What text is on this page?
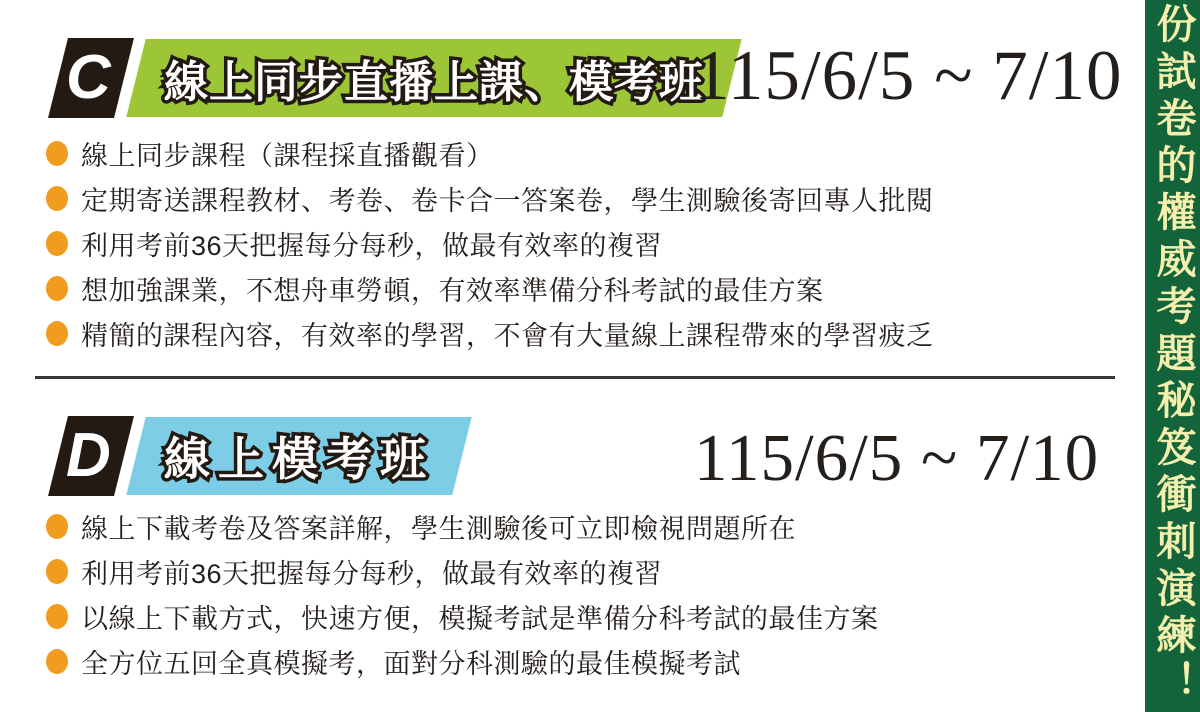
C 線上同步直播上課、模考班
115/6/5 ~ 7/10
線上同步課程（課程採直播觀看）
定期寄送課程教材、考卷、卷卡合一答案卷，學生測驗後寄回專人批閱
利用考前36天把握每分每秒，做最有效率的複習
想加強課業，不想舟車勞頓，有效率準備分科考試的最佳方案
精簡的課程內容，有效率的學習，不會有大量線上課程帶來的學習疲乏
D 線上模考班	115/6/5 ~ 7/10
線上下載考卷及答案詳解，學生測驗後可立即檢視問題所在
利用考前36天把握每分每秒，做最有效率的複習
以線上下載方式，快速方便，模擬考試是準備分科考試的最佳方案
全方位五回全真模擬考，面對分科測驗的最佳模擬考試	份試卷的權威考題秘笈衝刺演練！
